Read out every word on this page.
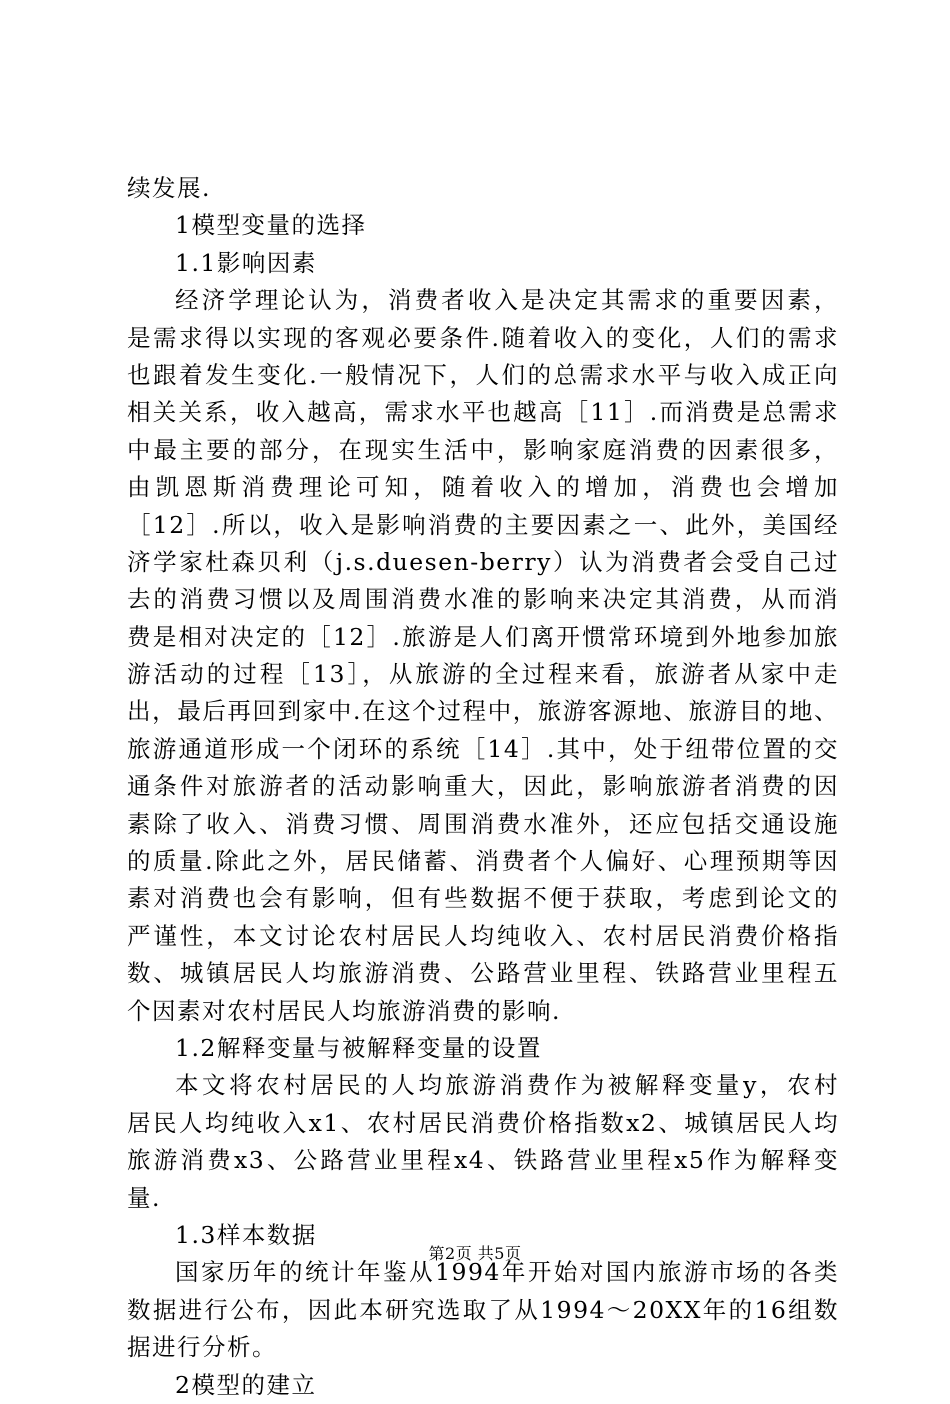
续发展.
1模型变量的选择
1.1影响因素
经济学理论认为，消费者收入是决定其需求的重要因素，
是需求得以实现的客观必要条件.随着收入的变化，人们的需求
也跟着发生变化.一般情况下，人们的总需求水平与收入成正向
相关关系，收入越高，需求水平也越高［11］.而消费是总需求
中最主要的部分，在现实生活中，影响家庭消费的因素很多，
由凯恩斯消费理论可知，随着收入的增加，消费也会增加
［12］.所以，收入是影响消费的主要因素之一、此外，美国经
济学家杜森贝利（j.s.duesen-berry）认为消费者会受自己过
去的消费习惯以及周围消费水准的影响来决定其消费，从而消
费是相对决定的［12］.旅游是人们离开惯常环境到外地参加旅
游活动的过程［13］，从旅游的全过程来看，旅游者从家中走
出，最后再回到家中.在这个过程中，旅游客源地、旅游目的地、
旅游通道形成一个闭环的系统［14］.其中，处于纽带位置的交
通条件对旅游者的活动影响重大，因此，影响旅游者消费的因
素除了收入、消费习惯、周围消费水准外，还应包括交通设施
的质量.除此之外，居民储蓄、消费者个人偏好、心理预期等因
素对消费也会有影响，但有些数据不便于获取，考虑到论文的
严谨性，本文讨论农村居民人均纯收入、农村居民消费价格指
数、城镇居民人均旅游消费、公路营业里程、铁路营业里程五
个因素对农村居民人均旅游消费的影响.
1.2解释变量与被解释变量的设置
本文将农村居民的人均旅游消费作为被解释变量y，农村
居民人均纯收入x1、农村居民消费价格指数x2、城镇居民人均
旅游消费x3、公路营业里程x4、铁路营业里程x5作为解释变
量.
1.3样本数据
国家历年的统计年鉴从1994年开始对国内旅游市场的各类
数据进行公布，因此本研究选取了从1994～20XX年的16组数
据进行分析。
2模型的建立
第2页 共5页
